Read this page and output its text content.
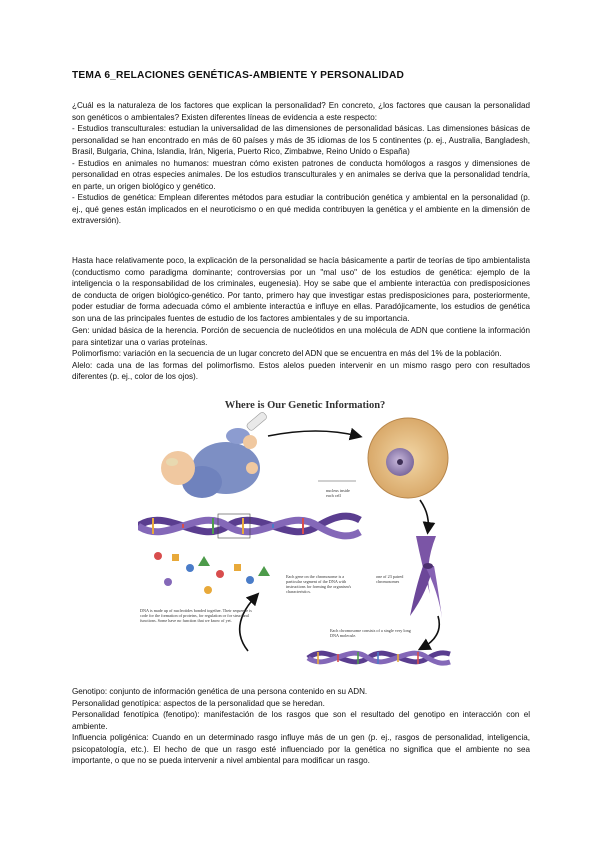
TEMA 6_RELACIONES GENÉTICAS-AMBIENTE Y PERSONALIDAD

¿Cuál es la naturaleza de los factores que explican la personalidad? En concreto, ¿los factores que causan la personalidad son genéticos o ambientales? Existen diferentes líneas de evidencia a este respecto:

- Estudios transculturales: estudian la universalidad de las dimensiones de personalidad básicas. Las dimensiones básicas de personalidad se han encontrado en más de 60 países y más de 35 idiomas de los 5 continentes (p. ej., Australia, Bangladesh, Brasil, Bulgaria, China, Islandia, Irán, Nigeria, Puerto Rico, Zimbabwe, Reino Unido o España)

- Estudios en animales no humanos: muestran cómo existen patrones de conducta homólogos a rasgos y dimensiones de personalidad en otras especies animales. De los estudios transculturales y en animales se deriva que la personalidad tendría, en parte, un origen biológico y genético.

- Estudios de genética: Emplean diferentes métodos para estudiar la contribución genética y ambiental en la personalidad (p. ej., qué genes están implicados en el neuroticismo o en qué medida contribuyen la genética y el ambiente en la dimensión de extraversión).

Hasta hace relativamente poco, la explicación de la personalidad se hacía básicamente a partir de teorías de tipo ambientalista (conductismo como paradigma dominante; controversias por un "mal uso" de los estudios de genética: ejemplo de la inteligencia o la responsabilidad de los criminales, eugenesia). Hoy se sabe que el ambiente interactúa con predisposiciones de conducta de origen biológico-genético. Por tanto, primero hay que investigar estas predisposiciones para, posteriormente, poder estudiar de forma adecuada cómo el ambiente interactúa e influye en ellas. Paradójicamente, los estudios de genética son una de las principales fuentes de estudio de los factores ambientales y de su importancia.

Gen: unidad básica de la herencia. Porción de secuencia de nucleótidos en una molécula de ADN que contiene la información para sintetizar una o varias proteínas.

Polimorfismo: variación en la secuencia de un lugar concreto del ADN que se encuentra en más del 1% de la población.

Alelo: cada una de las formas del polimorfismo. Estos alelos pueden intervenir en un mismo rasgo pero con resultados diferentes (p. ej., color de los ojos).

Genotipo: conjunto de información genética de una persona contenido en su ADN.

Personalidad genotípica: aspectos de la personalidad que se heredan.

Personalidad fenotípica (fenotipo): manifestación de los rasgos que son el resultado del genotipo en interacción con el ambiente.

Influencia poligénica: Cuando en un determinado rasgo influye más de un gen (p. ej., rasgos de personalidad, inteligencia, psicopatología, etc.). El hecho de que un rasgo esté influenciado por la genética no significa que el ambiente no sea importante, o que no se pueda intervenir a nivel ambiental para modificar un rasgo.

Where is Our Genetic Information?
nucleus inside each cell
one of 23 paired chromosomes
Each gene on the chromosome is a particular segment of the DNA with instructions for forming the organism's characteristics.
Each chromosome consists of a single very long DNA molecule.
DNA is made up of nucleotides bonded together. Their sequence is code for the formation of proteins, for regulation or for structural functions. Some have no function that we know of yet.
